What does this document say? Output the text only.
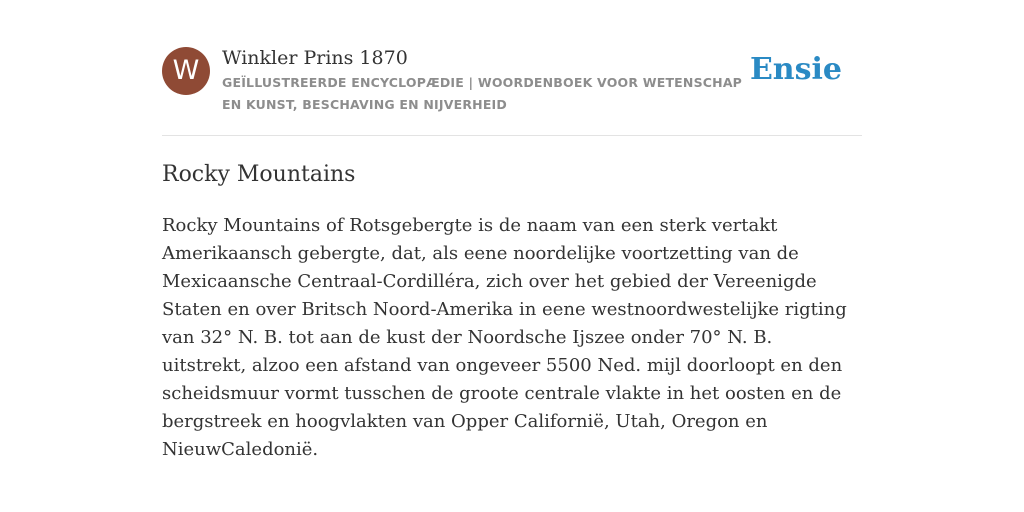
W	Winkler Prins 1870
GEÏLLUSTREERDE ENCYCLOPÆDIE | WOORDENBOEK VOOR WETENSCHAP EN KUNST, BESCHAVING EN NIJVERHEID
Ensie
Rocky Mountains

Rocky Mountains of Rotsgebergte is de naam van een sterk vertakt Amerikaansch gebergte, dat, als eene noordelijke voortzetting van de Mexicaansche Centraal-Cordilléra, zich over het gebied der Vereenigde Staten en over Britsch Noord-Amerika in eene westnoordwestelijke rigting van 32° N. B. tot aan de kust der Noordsche Ijszee onder 70° N. B. uitstrekt, alzoo een afstand van ongeveer 5500 Ned. mijl doorloopt en den scheidsmuur vormt tusschen de groote centrale vlakte in het oosten en de bergstreek en hoogvlakten van Opper Californië, Utah, Oregon en NieuwCaledonië.
